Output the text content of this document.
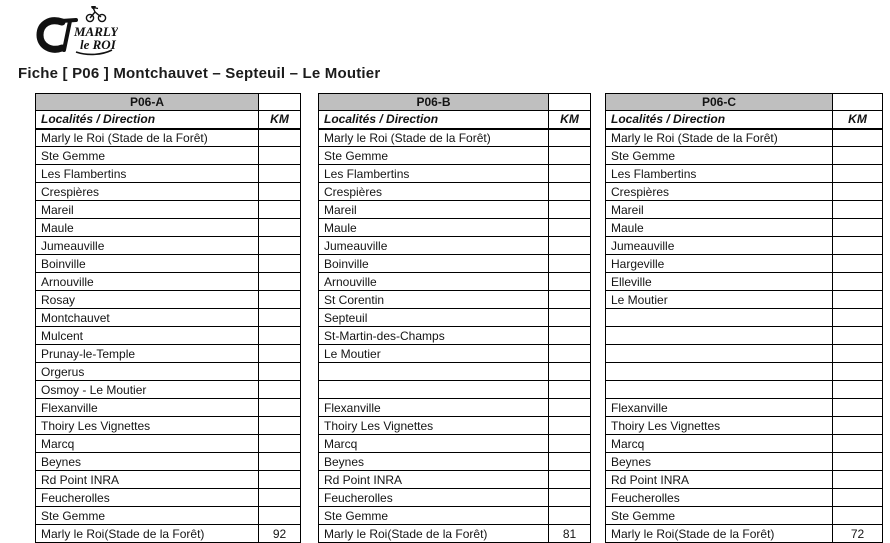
MARLY
le ROI
Fiche [ P06 ] Montchauvet – Septeuil – Le Moutier
P06-A	
Localités / Direction	KM
Marly le Roi (Stade de la Forêt)	
Ste Gemme	
Les Flambertins	
Crespières	
Mareil	
Maule	
Jumeauville	
Boinville	
Arnouville	
Rosay	
Montchauvet	
Mulcent	
Prunay-le-Temple	
Orgerus	
Osmoy - Le Moutier	
Flexanville	
Thoiry Les Vignettes	
Marcq	
Beynes	
Rd Point INRA	
Feucherolles	
Ste Gemme	
Marly le Roi(Stade de la Forêt)	92
P06-B	
Localités / Direction	KM
Marly le Roi (Stade de la Forêt)	
Ste Gemme	
Les Flambertins	
Crespières	
Mareil	
Maule	
Jumeauville	
Boinville	
Arnouville	
St Corentin	
Septeuil	
St-Martin-des-Champs	
Le Moutier	

Flexanville	
Thoiry Les Vignettes	
Marcq	
Beynes	
Rd Point INRA	
Feucherolles	
Ste Gemme	
Marly le Roi(Stade de la Forêt)	81
P06-C	
Localités / Direction	KM
Marly le Roi (Stade de la Forêt)	
Ste Gemme	
Les Flambertins	
Crespières	
Mareil	
Maule	
Jumeauville	
Hargeville	
Elleville	
Le Moutier	

Flexanville	
Thoiry Les Vignettes	
Marcq	
Beynes	
Rd Point INRA	
Feucherolles	
Ste Gemme	
Marly le Roi(Stade de la Forêt)	72
